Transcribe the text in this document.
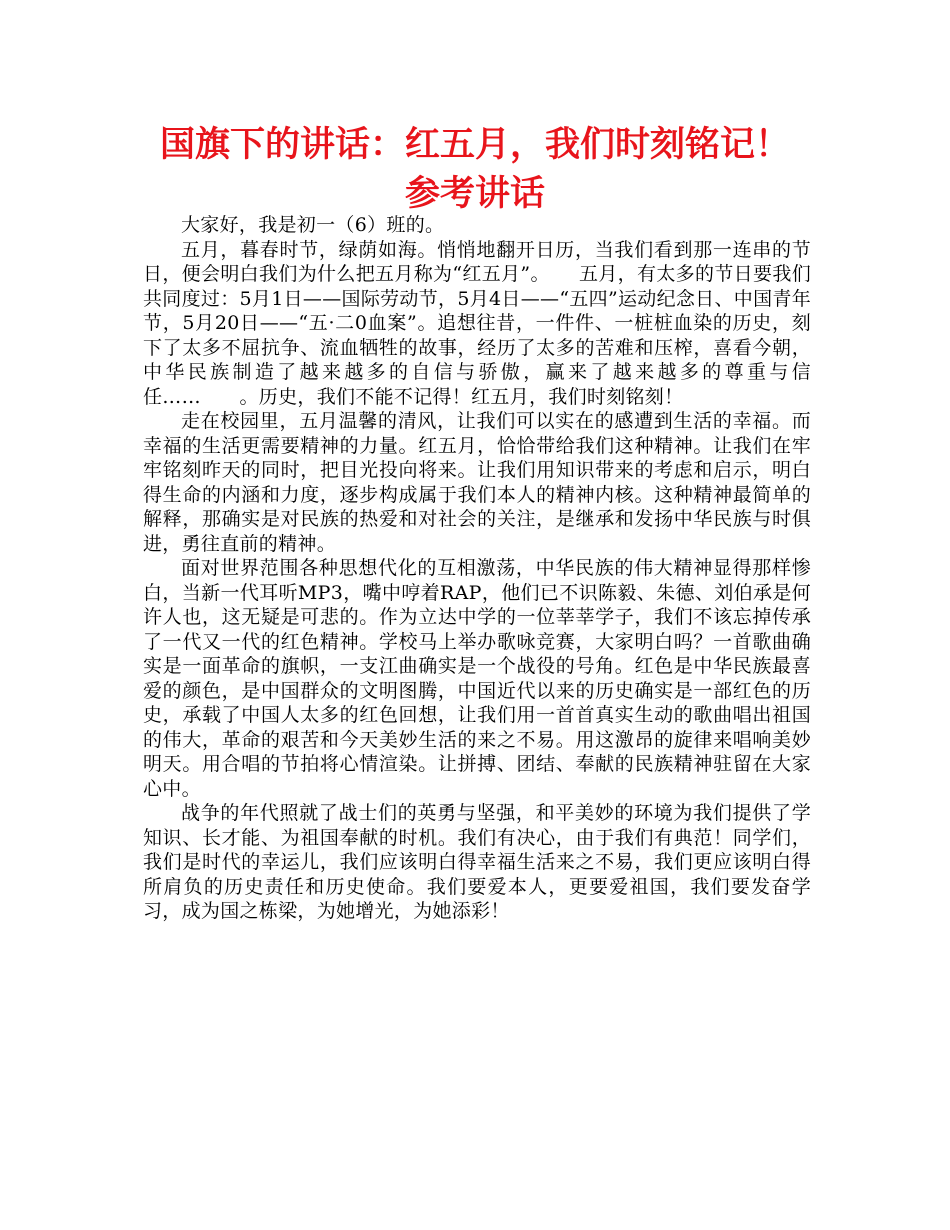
国旗下的讲话：红五月，我们时刻铭记！
参考讲话

大家好，我是初一（6）班的。

五月，暮春时节，绿荫如海。悄悄地翻开日历，当我们看到那一连串的节日，便会明白我们为什么把五月称为“红五月”。　　五月，有太多的节日要我们共同度过：5月1日——国际劳动节，5月4日——“五四”运动纪念日、中国青年节，5月20日——“五·二0血案”。追想往昔，一件件、一桩桩血染的历史，刻下了太多不屈抗争、流血牺牲的故事，经历了太多的苦难和压榨，喜看今朝，中华民族制造了越来越多的自信与骄傲，赢来了越来越多的尊重与信任……　　。历史，我们不能不记得！红五月，我们时刻铭刻！

走在校园里，五月温馨的清风，让我们可以实在的感遭到生活的幸福。而幸福的生活更需要精神的力量。红五月，恰恰带给我们这种精神。让我们在牢牢铭刻昨天的同时，把目光投向将来。让我们用知识带来的考虑和启示，明白得生命的内涵和力度，逐步构成属于我们本人的精神内核。这种精神最简单的解释，那确实是对民族的热爱和对社会的关注，是继承和发扬中华民族与时俱进，勇往直前的精神。

面对世界范围各种思想代化的互相激荡，中华民族的伟大精神显得那样惨白，当新一代耳听MP3，嘴中哼着RAP，他们已不识陈毅、朱德、刘伯承是何许人也，这无疑是可悲的。作为立达中学的一位莘莘学子，我们不该忘掉传承了一代又一代的红色精神。学校马上举办歌咏竞赛，大家明白吗？一首歌曲确实是一面革命的旗帜，一支江曲确实是一个战役的号角。红色是中华民族最喜爱的颜色，是中国群众的文明图腾，中国近代以来的历史确实是一部红色的历史，承载了中国人太多的红色回想，让我们用一首首真实生动的歌曲唱出祖国的伟大，革命的艰苦和今天美妙生活的来之不易。用这激昂的旋律来唱响美妙明天。用合唱的节拍将心情渲染。让拼搏、团结、奉献的民族精神驻留在大家心中。

战争的年代照就了战士们的英勇与坚强，和平美妙的环境为我们提供了学知识、长才能、为祖国奉献的时机。我们有决心，由于我们有典范！同学们，我们是时代的幸运儿，我们应该明白得幸福生活来之不易，我们更应该明白得所肩负的历史责任和历史使命。我们要爱本人，更要爱祖国，我们要发奋学习，成为国之栋梁，为她增光，为她添彩！
